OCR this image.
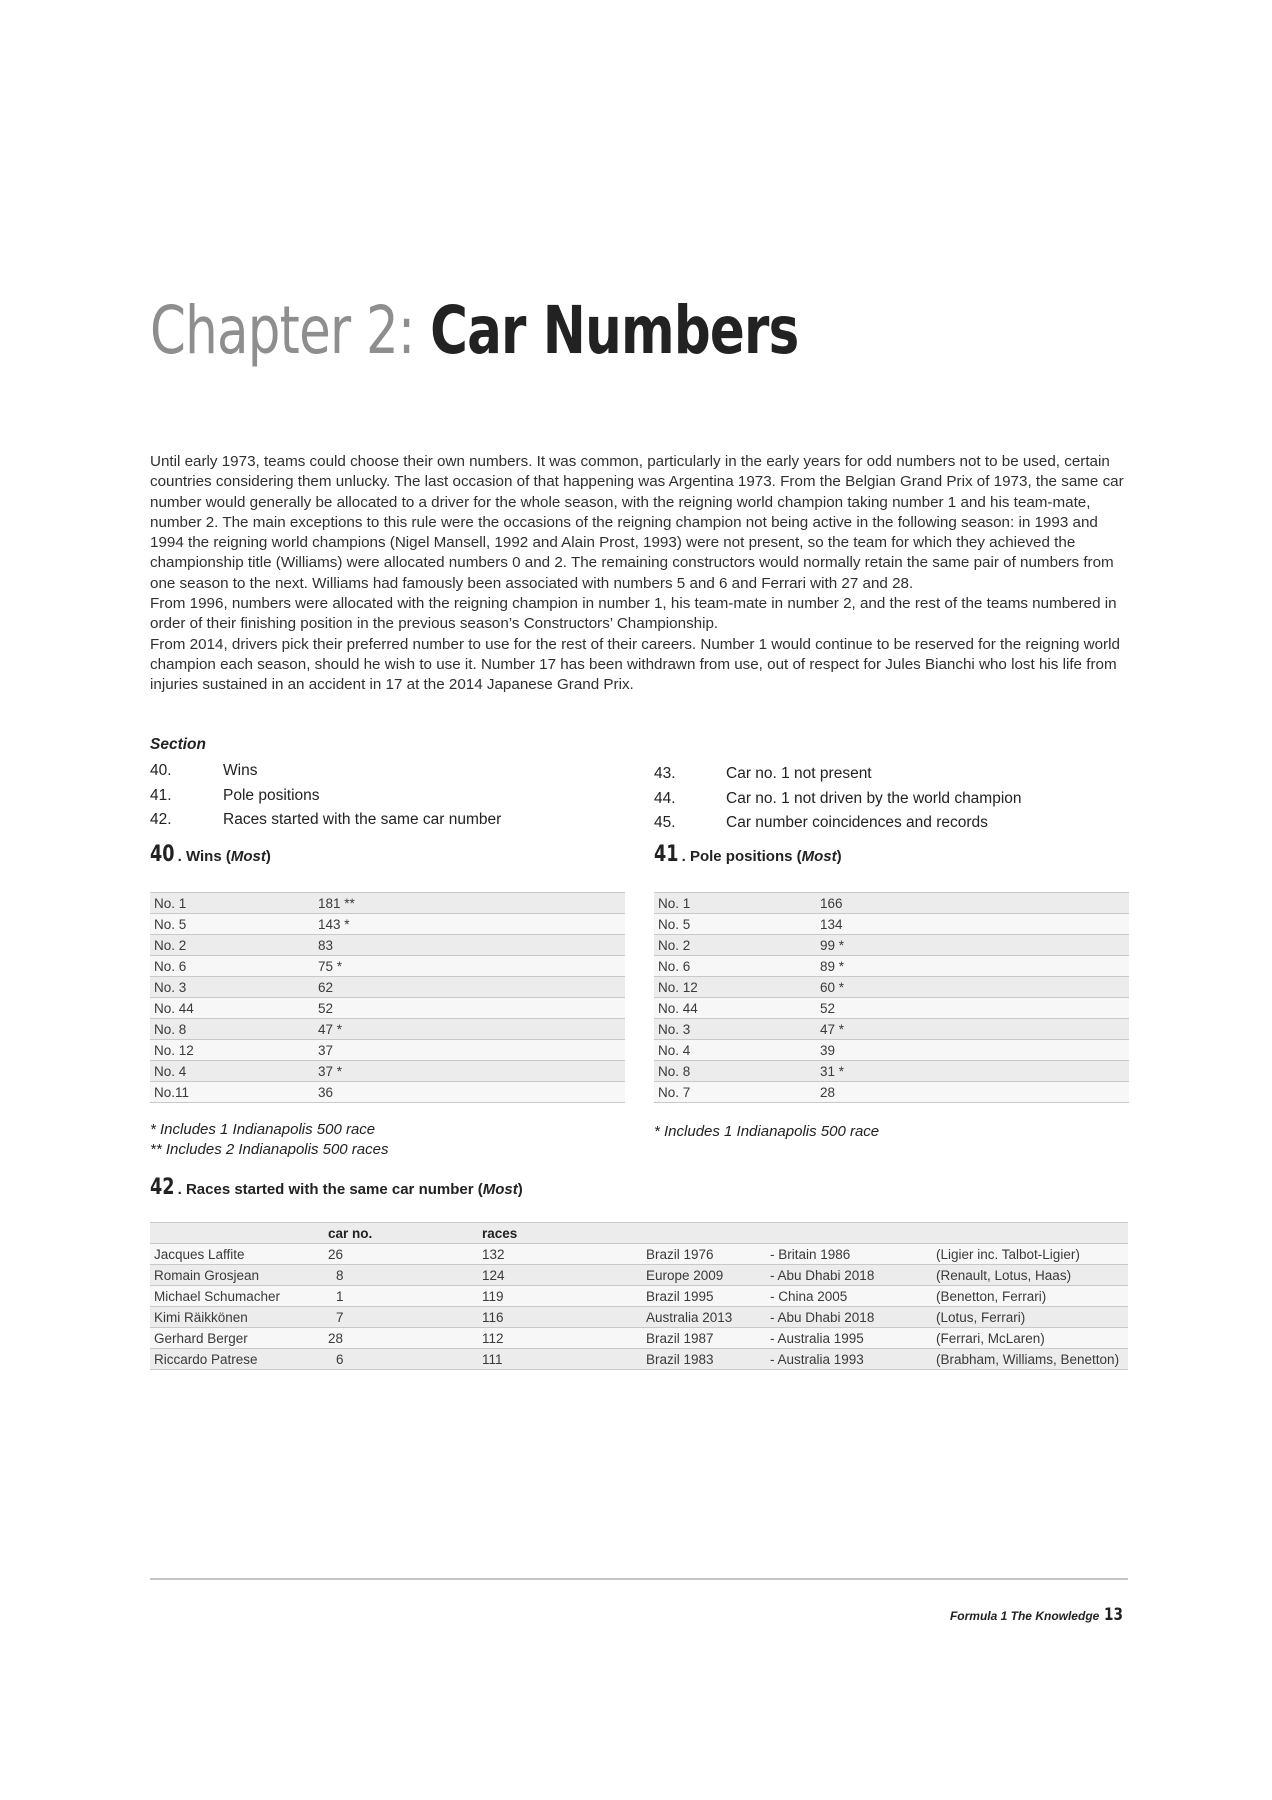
Chapter 2: Car Numbers

Until early 1973, teams could choose their own numbers. It was common, particularly in the early years for odd numbers not to be used, certain countries considering them unlucky. The last occasion of that happening was Argentina 1973. From the Belgian Grand Prix of 1973, the same car number would generally be allocated to a driver for the whole season, with the reigning world champion taking number 1 and his team-mate, number 2. The main exceptions to this rule were the occasions of the reigning champion not being active in the following season: in 1993 and 1994 the reigning world champions (Nigel Mansell, 1992 and Alain Prost, 1993) were not present, so the team for which they achieved the championship title (Williams) were allocated numbers 0 and 2. The remaining constructors would normally retain the same pair of numbers from one season to the next. Williams had famously been associated with numbers 5 and 6 and Ferrari with 27 and 28.

From 1996, numbers were allocated with the reigning champion in number 1, his team-mate in number 2, and the rest of the teams numbered in order of their finishing position in the previous season’s Constructors’ Championship.

From 2014, drivers pick their preferred number to use for the rest of their careers. Number 1 would continue to be reserved for the reigning world champion each season, should he wish to use it. Number 17 has been withdrawn from use, out of respect for Jules Bianchi who lost his life from injuries sustained in an accident in 17 at the 2014 Japanese Grand Prix.

Section
40.	Wins
41.	Pole positions
42.	Races started with the same car number
43.	Car no. 1 not present
44.	Car no. 1 not driven by the world champion
45.	Car number coincidences and records
40 . Wins (Most)	41 . Pole positions (Most)
No. 1	181 **
No. 5	143 *
No. 2	83
No. 6	75 *
No. 3	62
No. 44	52
No. 8	47 *
No. 12	37
No. 4	37 *
No.11	36
No. 1	166
No. 5	134
No. 2	99 *
No. 6	89 *
No. 12	60 *
No. 44	52
No. 3	47 *
No. 4	39
No. 8	31 *
No. 7	28
* Includes 1 Indianapolis 500 race
** Includes 2 Indianapolis 500 races
* Includes 1 Indianapolis 500 race
42 . Races started with the same car number (Most)
	car no.	races			
Jacques Laffite	26	132	Brazil 1976	- Britain 1986	(Ligier inc. Talbot-Ligier)
Romain Grosjean	8	124	Europe 2009	- Abu Dhabi 2018	(Renault, Lotus, Haas)
Michael Schumacher	1	119	Brazil 1995	- China 2005	(Benetton, Ferrari)
Kimi Räikkönen	7	116	Australia 2013	- Abu Dhabi 2018	(Lotus, Ferrari)
Gerhard Berger	28	112	Brazil 1987	- Australia 1995	(Ferrari, McLaren)
Riccardo Patrese	6	111	Brazil 1983	- Australia 1993	(Brabham, Williams, Benetton)
Formula 1 The Knowledge 13
